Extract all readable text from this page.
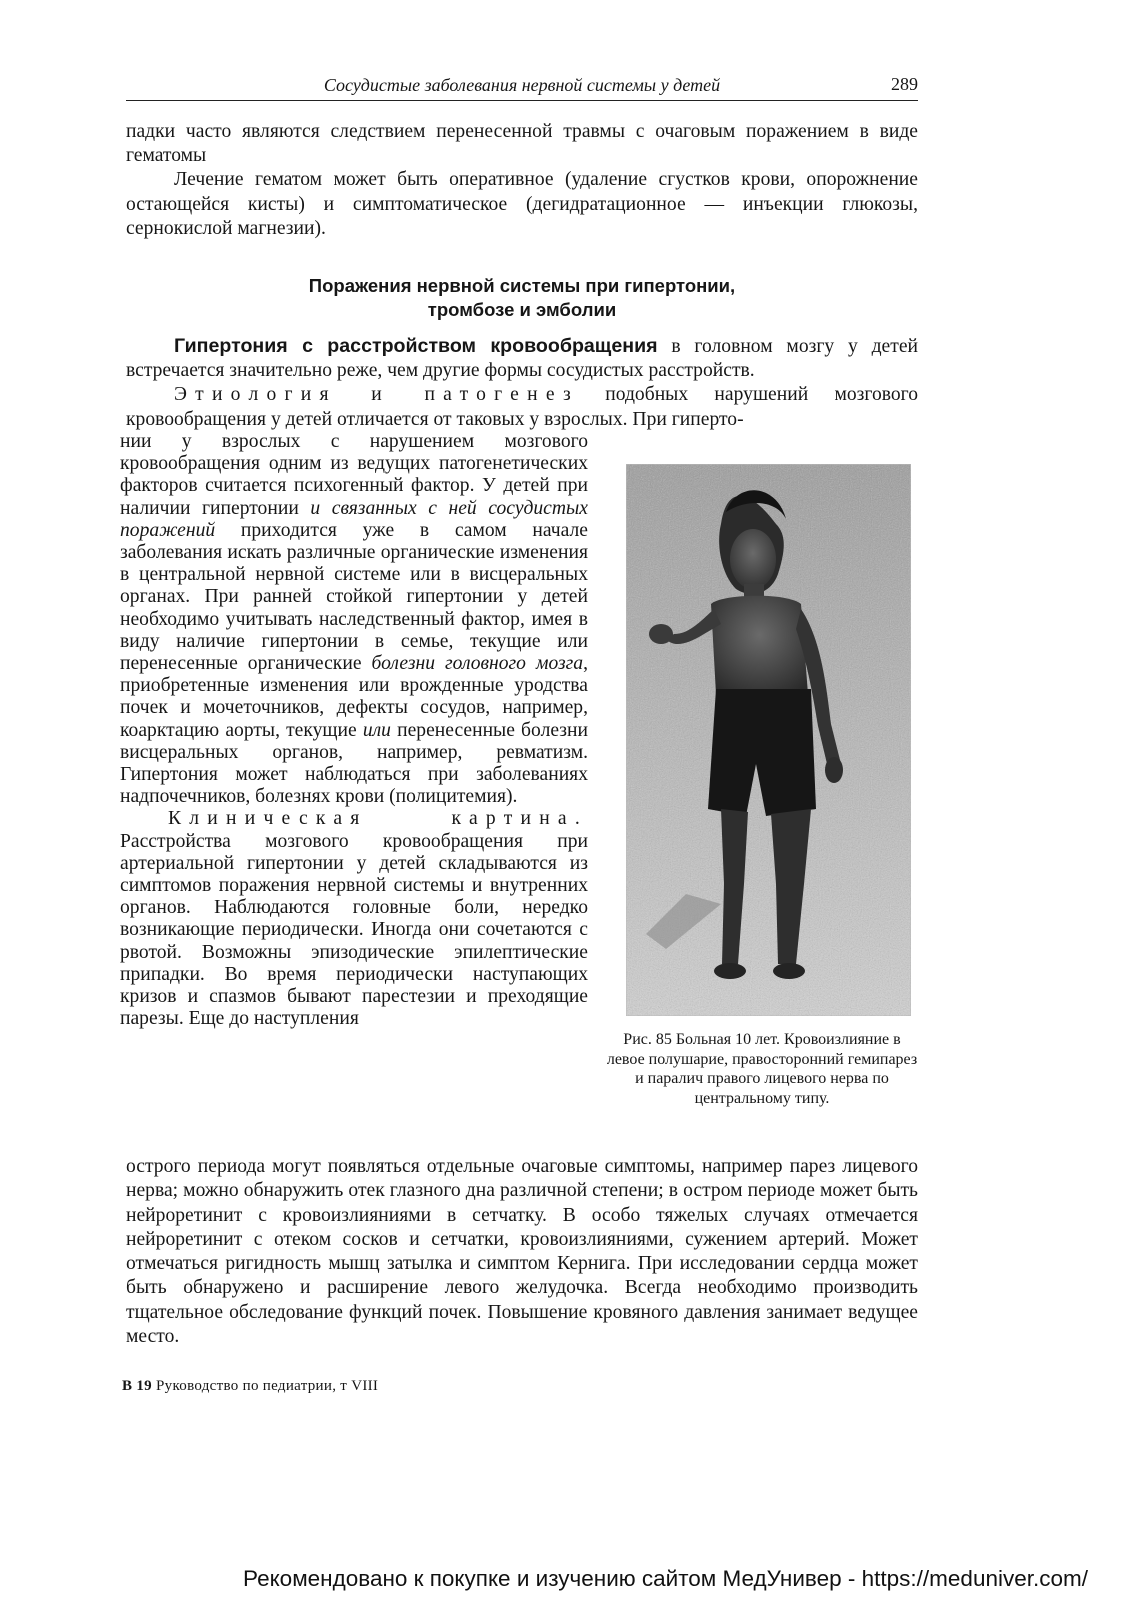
Сосудистые заболевания нервной системы у детей	289

падки часто являются следствием перенесенной травмы с очаговым поражением в виде гематомы

Лечение гематом может быть оперативное (удаление сгустков крови, опорожнение остающейся кисты) и симптоматическое (дегидратационное — инъекции глюкозы, сернокислой магнезии).

Поражения нервной системы при гипертонии,
тромбозе и эмболии

Гипертония с расстройством кровообращения в головном мозгу у детей встречается значительно реже, чем другие формы сосудистых расстройств.

Этиология и патогенез подобных нарушений мозгового кровообращения у детей отличается от таковых у взрослых. При гиперто-

нии у взрослых с нарушением мозгового кровообращения одним из ведущих патогенетических факторов считается психогенный фактор. У детей при наличии гипертонии и связанных с ней сосудистых поражений приходится уже в самом начале заболевания искать различные органические изменения в центральной нервной системе или в висцеральных органах. При ранней стойкой гипертонии у детей необходимо учитывать наследственный фактор, имея в виду наличие гипертонии в семье, текущие или перенесенные органические болезни головного мозга, приобретенные изменения или врожденные уродства почек и мочеточников, дефекты сосудов, например, коарктацию аорты, текущие или перенесенные болезни висцеральных органов, например, ревматизм. Гипертония может наблюдаться при заболеваниях надпочечников, болезнях крови (полицитемия).

Клиническая картина. Расстройства мозгового кровообращения при артериальной гипертонии у детей складываются из симптомов поражения нервной системы и внутренних органов. Наблюдаются головные боли, нередко возникающие периодически. Иногда они сочетаются с рвотой. Возможны эпизодические эпилептические припадки. Во время периодически наступающих кризов и спазмов бывают парестезии и преходящие парезы. Еще до наступления

Рис. 85 Больная 10 лет. Кровоизлияние в левое полушарие, правосторонний гемипарез и паралич правого лицевого нерва по центральному типу.

острого периода могут появляться отдельные очаговые симптомы, например парез лицевого нерва; можно обнаружить отек глазного дна различной степени; в остром периоде может быть нейроретинит с кровоизлияниями в сетчатку. В особо тяжелых случаях отмечается нейроретинит с отеком сосков и сетчатки, кровоизлияниями, сужением артерий. Может отмечаться ригидность мышц затылка и симптом Кернига. При исследовании сердца может быть обнаружено и расширение левого желудочка. Всегда необходимо производить тщательное обследование функций почек. Повышение кровяного давления занимает ведущее место.

В 19 Руководство по педиатрии, т VIII
Рекомендовано к покупке и изучению сайтом МедУнивер - https://meduniver.com/
